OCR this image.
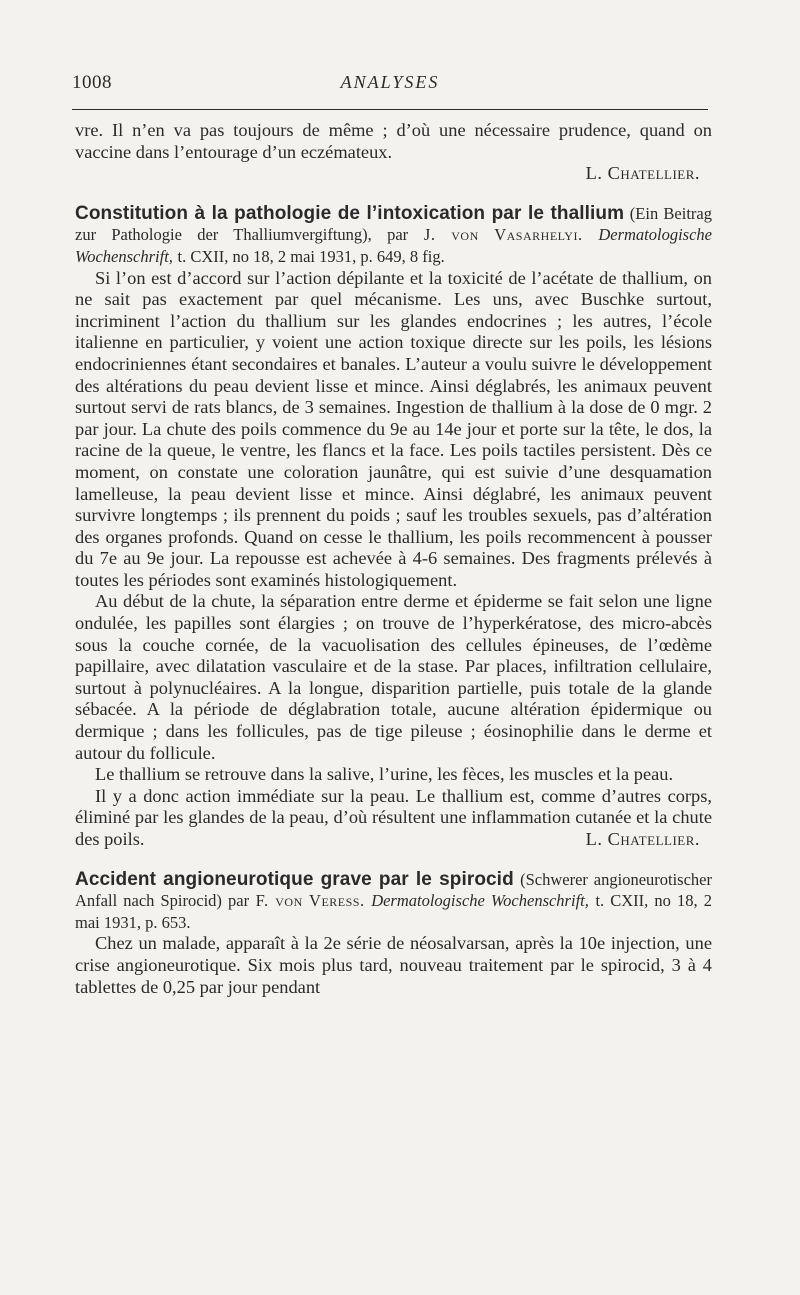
1008	ANALYSES

vre. Il n’en va pas toujours de même ; d’où une nécessaire prudence, quand on vaccine dans l’entourage d’un eczémateux.

L. Chatellier.

Constitution à la pathologie de l’intoxication par le thallium (Ein Beitrag zur Pathologie der Thalliumvergiftung), par J. von Vasarhelyi. Dermatologische Wochenschrift, t. CXII, no 18, 2 mai 1931, p. 649, 8 fig.

Si l’on est d’accord sur l’action dépilante et la toxicité de l’acétate de thallium, on ne sait pas exactement par quel mécanisme. Les uns, avec Buschke surtout, incriminent l’action du thallium sur les glandes endocrines ; les autres, l’école italienne en particulier, y voient une action toxique directe sur les poils, les lésions endocriniennes étant secondaires et banales. L’auteur a voulu suivre le développement des altérations du peau devient lisse et mince. Ainsi déglabrés, les animaux peuvent surtout servi de rats blancs, de 3 semaines. Ingestion de thallium à la dose de 0 mgr. 2 par jour. La chute des poils commence du 9e au 14e jour et porte sur la tête, le dos, la racine de la queue, le ventre, les flancs et la face. Les poils tactiles persistent. Dès ce moment, on constate une coloration jaunâtre, qui est suivie d’une desquamation lamelleuse, la peau devient lisse et mince. Ainsi déglabré, les animaux peuvent survivre longtemps ; ils prennent du poids ; sauf les troubles sexuels, pas d’altération des organes profonds. Quand on cesse le thallium, les poils recommencent à pousser du 7e au 9e jour. La repousse est achevée à 4-6 semaines. Des fragments prélevés à toutes les périodes sont examinés histologiquement.

Au début de la chute, la séparation entre derme et épiderme se fait selon une ligne ondulée, les papilles sont élargies ; on trouve de l’hyperkératose, des micro-abcès sous la couche cornée, de la vacuolisation des cellules épineuses, de l’œdème papillaire, avec dilatation vasculaire et de la stase. Par places, infiltration cellulaire, surtout à polynucléaires. A la longue, disparition partielle, puis totale de la glande sébacée. A la période de déglabration totale, aucune altération épidermique ou dermique ; dans les follicules, pas de tige pileuse ; éosinophilie dans le derme et autour du follicule.

Le thallium se retrouve dans la salive, l’urine, les fèces, les muscles et la peau.

Il y a donc action immédiate sur la peau. Le thallium est, comme d’autres corps, éliminé par les glandes de la peau, d’où résultent une inflammation cutanée et la chute des poils.	L. Chatellier.

Accident angioneurotique grave par le spirocid (Schwerer angioneurotischer Anfall nach Spirocid) par F. von Veress. Dermatologische Wochenschrift, t. CXII, no 18, 2 mai 1931, p. 653.

Chez un malade, apparaît à la 2e série de néosalvarsan, après la 10e injection, une crise angioneurotique. Six mois plus tard, nouveau traitement par le spirocid, 3 à 4 tablettes de 0,25 par jour pendant
